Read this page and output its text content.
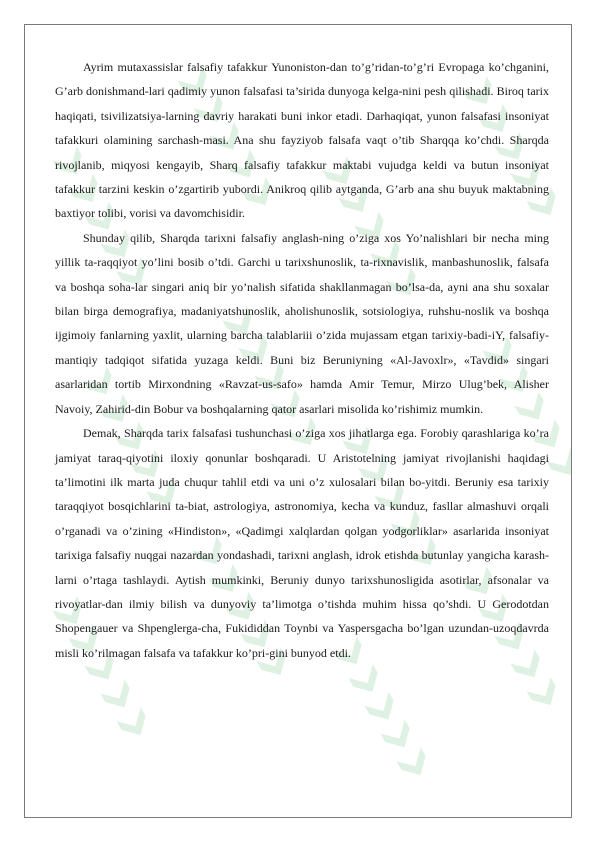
Ayrim mutaxassislar falsafiy tafakkur Yunoniston-dan to’g’ridan-to’g’ri Evropaga ko’chganini, G’arb donishmand-lari qadimiy yunon falsafasi ta’sirida dunyoga kelga-nini pesh qilishadi. Biroq tarix haqiqati, tsivilizatsiya-larning davriy harakati buni inkor etadi. Darhaqiqat, yunon falsafasi insoniyat tafakkuri olamining sarchash-masi. Ana shu fayziyob falsafa vaqt o’tib Sharqqa ko’chdi. Sharqda rivojlanib, miqyosi kengayib, Sharq falsafiy tafakkur maktabi vujudga keldi va butun insoniyat tafakkur tarzini keskin o’zgartirib yubordi. Anikroq qilib aytganda, G’arb ana shu buyuk maktabning baxtiyor tolibi, vorisi va davomchisidir.

Shunday qilib, Sharqda tarixni falsafiy anglash-ning o’ziga xos Yo’nalishlari bir necha ming yillik ta-raqqiyot yo’lini bosib o’tdi. Garchi u tarixshunoslik, ta-rixnavislik, manbashunoslik, falsafa va boshqa soha-lar singari aniq bir yo’nalish sifatida shakllanmagan bo’lsa-da, ayni ana shu soxalar bilan birga demografiya, madaniyatshunoslik, aholishunoslik, sotsiologiya, ruhshu-noslik va boshqa ijgimoiy fanlarning yaxlit, ularning barcha talablariii o’zida mujassam etgan tarixiy-badi-iY, falsafiy-mantiqiy tadqiqot sifatida yuzaga keldi. Buni biz Beruniyning «Al-Javoxlr», «Tavdid» singari asarlaridan tortib Mirxondning «Ravzat-us-safo» hamda Amir Temur, Mirzo Ulug’bek, Alisher Navoiy, Zahirid-din Bobur va boshqalarning qator asarlari misolida ko’rishimiz mumkin.

Demak, Sharqda tarix falsafasi tushunchasi o’ziga xos jihatlarga ega. Forobiy qarashlariga ko’ra jamiyat taraq-qiyotini iloxiy qonunlar boshqaradi. U Aristotelning jamiyat rivojlanishi haqidagi ta’limotini ilk marta juda chuqur tahlil etdi va uni o’z xulosalari bilan bo-yitdi. Beruniy esa tarixiy taraqqiyot bosqichlarini ta-biat, astrologiya, astronomiya, kecha va kunduz, fasllar almashuvi orqali o’rganadi va o’zining «Hindiston», «Qadimgi xalqlardan qolgan yodgorliklar» asarlarida insoniyat tarixiga falsafiy nuqgai nazardan yondashadi, tarixni anglash, idrok etishda butunlay yangicha karash-larni o’rtaga tashlaydi. Aytish mumkinki, Beruniy dunyo tarixshunosligida asotirlar, afsonalar va rivoyatlar-dan ilmiy bilish va dunyoviy ta’limotga o’tishda muhim hissa qo’shdi. U Gerodotdan Shopengauer va Shpenglerga-cha, Fukididdan Toynbi va Yaspersgacha bo’lgan uzundan-uzoqdavrda misli ko’rilmagan falsafa va tafakkur ko’pri-gini bunyod etdi.
